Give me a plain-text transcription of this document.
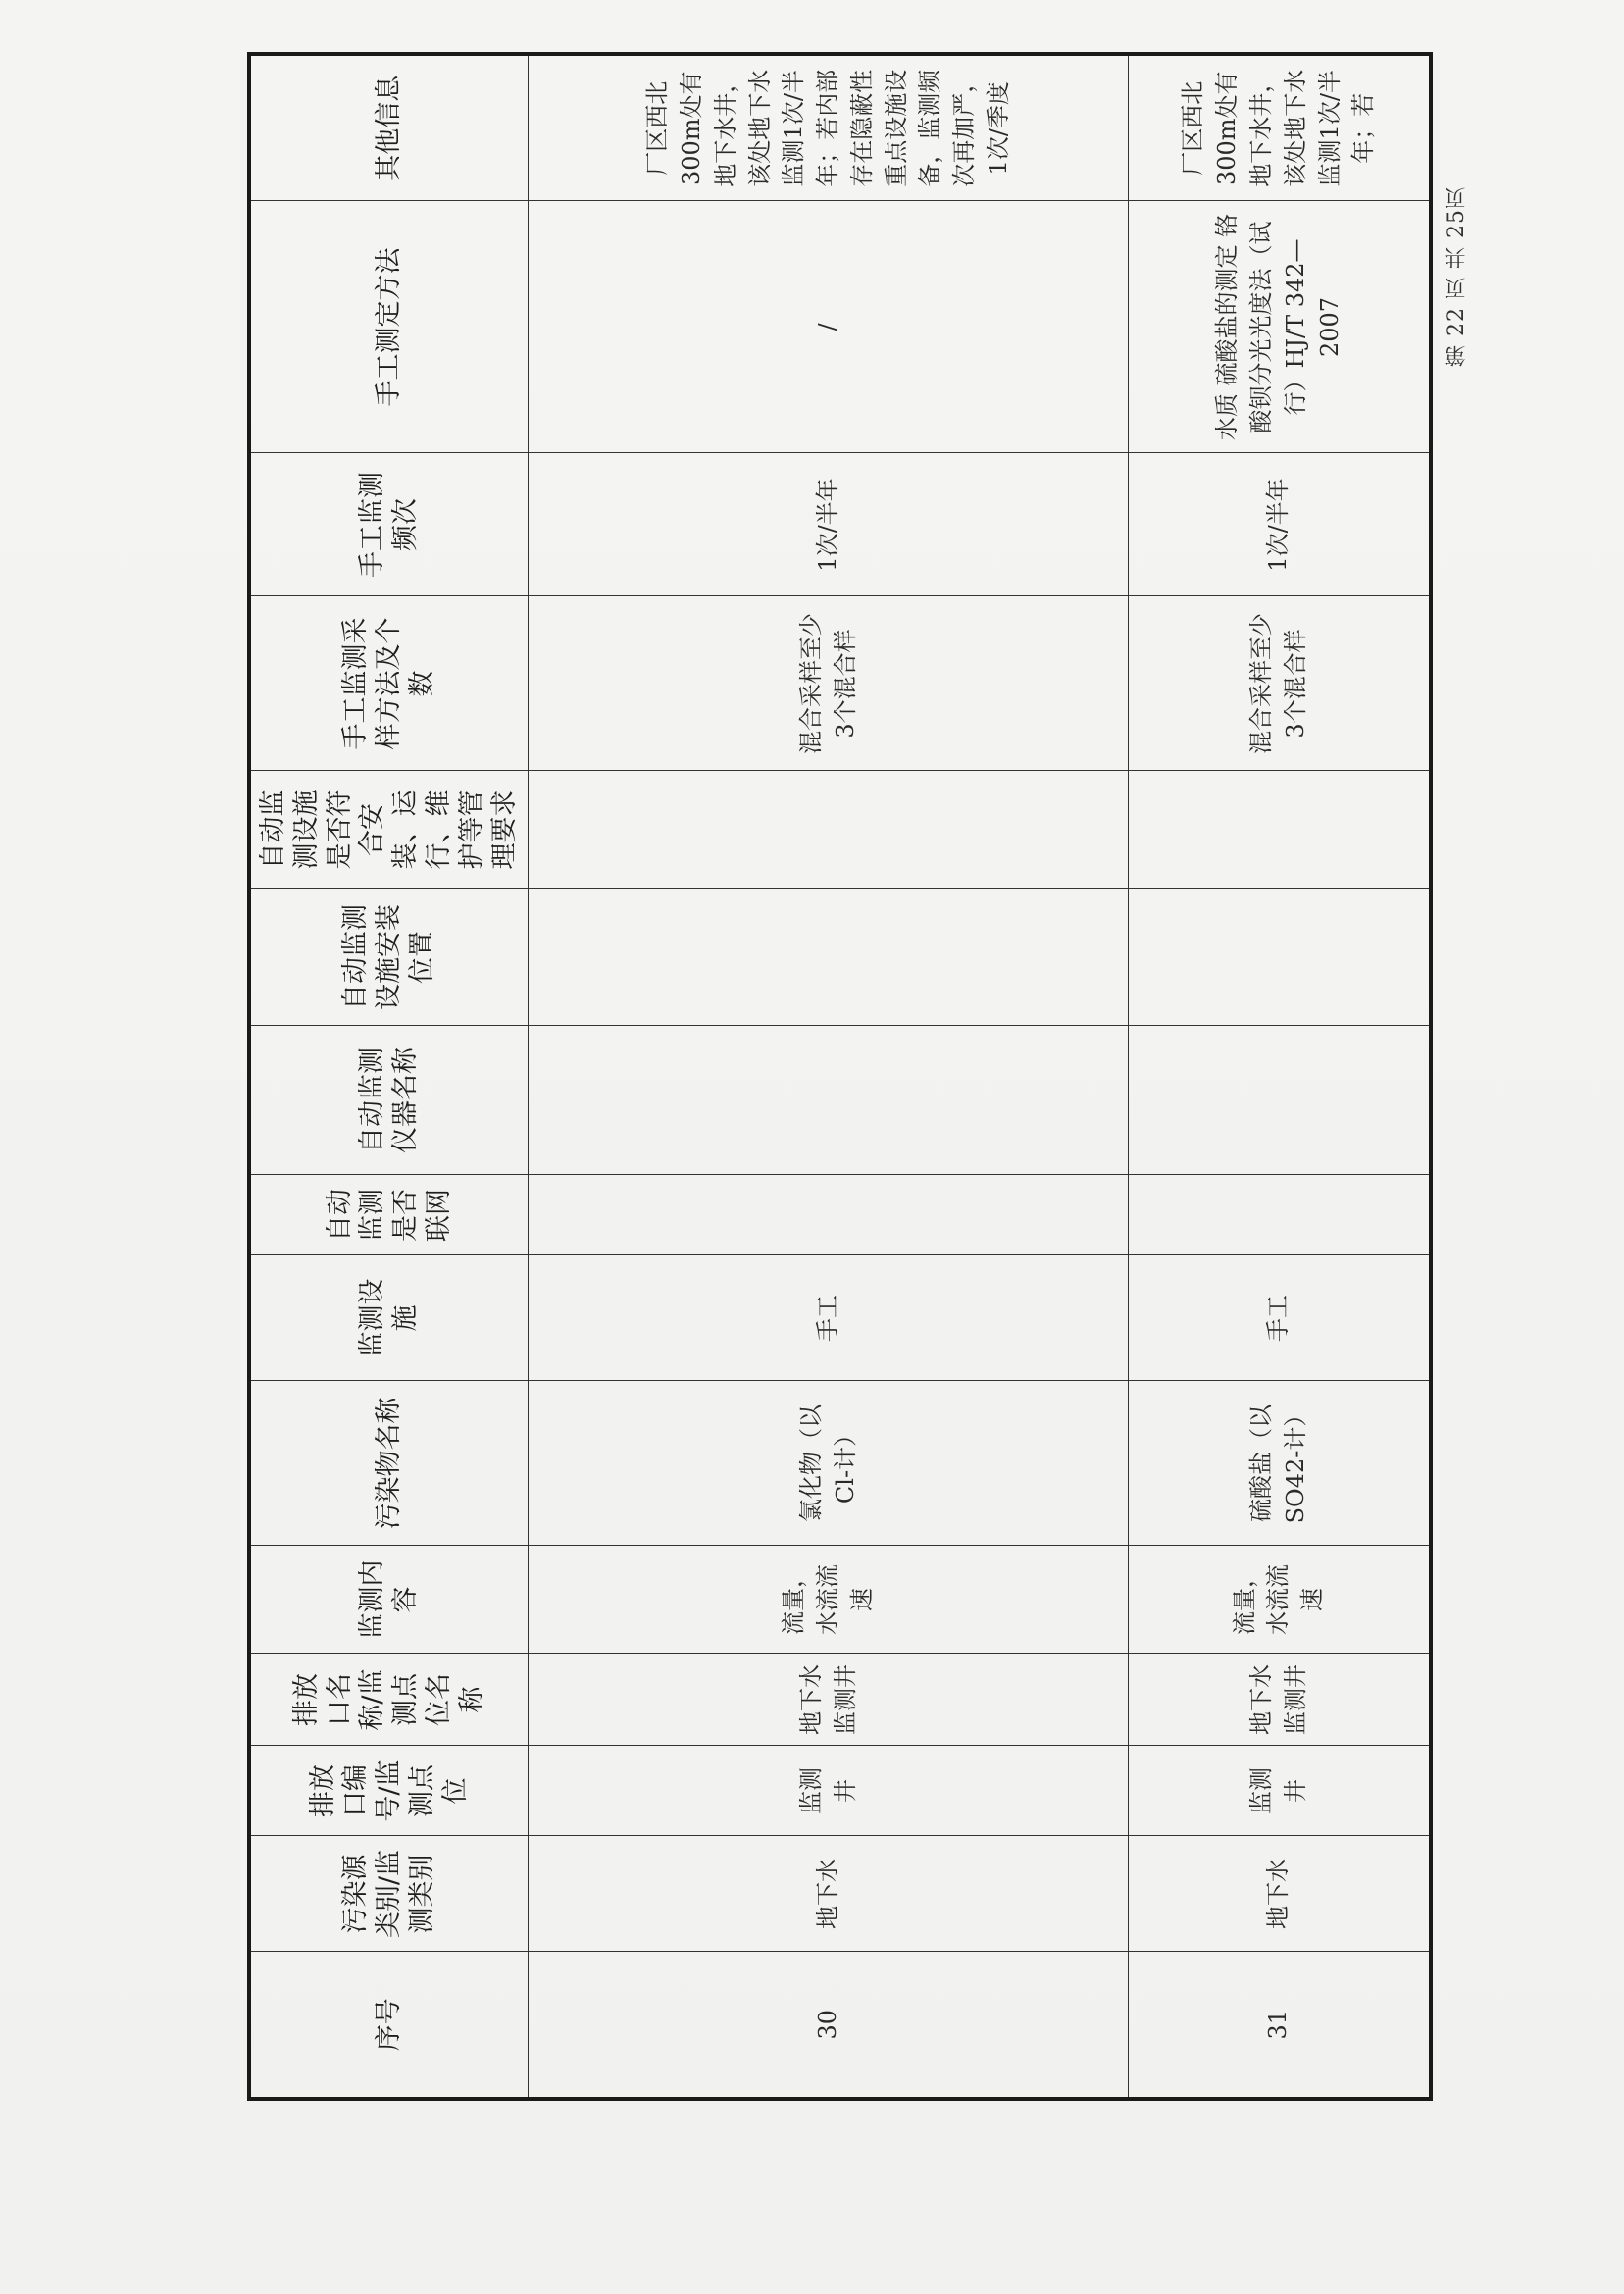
序号	污染源类别/监测类别	排放口编号/监测点位	排放口名称/监测点位名称	监测内容	污染物名称	监测设施	自动监测是否联网	自动监测仪器名称	自动监测设施安装位置	自动监测设施是否符合安装、运行、维护等管理要求	手工监测采样方法及个数	手工监测频次	手工测定方法	其他信息
30	地下水	监测井	地下水监测井	流量，水流流速	氯化物（以Cl-计）	手工					混合采样至少3个混合样	1次/半年	/	厂区西北300m处有地下水井，该处地下水监测1次/半年；若内部存在隐蔽性重点设施设备，监测频次再加严，1次/季度
31	地下水	监测井	地下水监测井	流量，水流流速	硫酸盐（以SO42-计）	手工					混合采样至少3个混合样	1次/半年	水质 硫酸盐的测定 铬酸钡分光光度法（试行）HJ/T 342—2007	厂区西北300m处有地下水井，该处地下水监测1次/半年；若
第 22 页 共 25页
